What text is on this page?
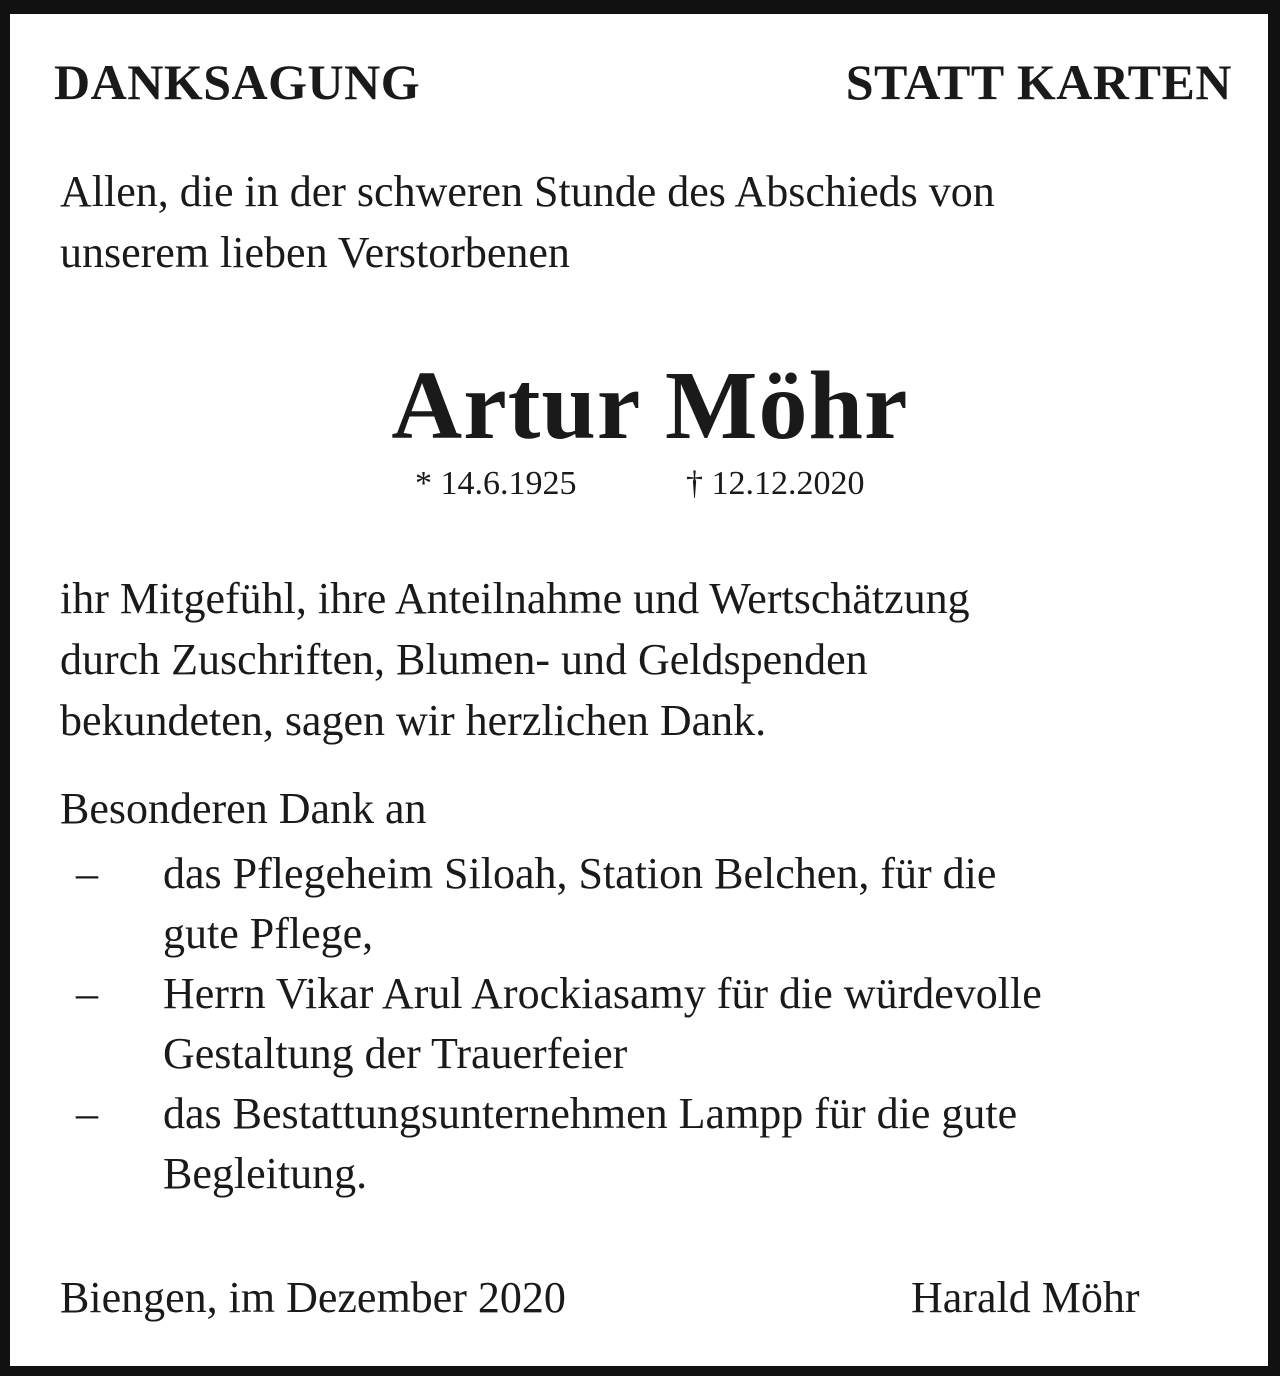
DANKSAGUNG	STATT KARTEN
Allen, die in der schweren Stunde des Abschieds von
unserem lieben Verstorbenen
Artur Möhr
* 14.6.1925	† 12.12.2020
ihr Mitgefühl, ihre Anteilnahme und Wertschätzung
durch Zuschriften, Blumen- und Geldspenden
bekundeten, sagen wir herzlichen Dank.
Besonderen Dank an
– das Pflegeheim Siloah, Station Belchen, für die
gute Pflege,
– Herrn Vikar Arul Arockiasamy für die würdevolle
Gestaltung der Trauerfeier
– das Bestattungsunternehmen Lampp für die gute
Begleitung.
Biengen, im Dezember 2020	Harald Möhr
